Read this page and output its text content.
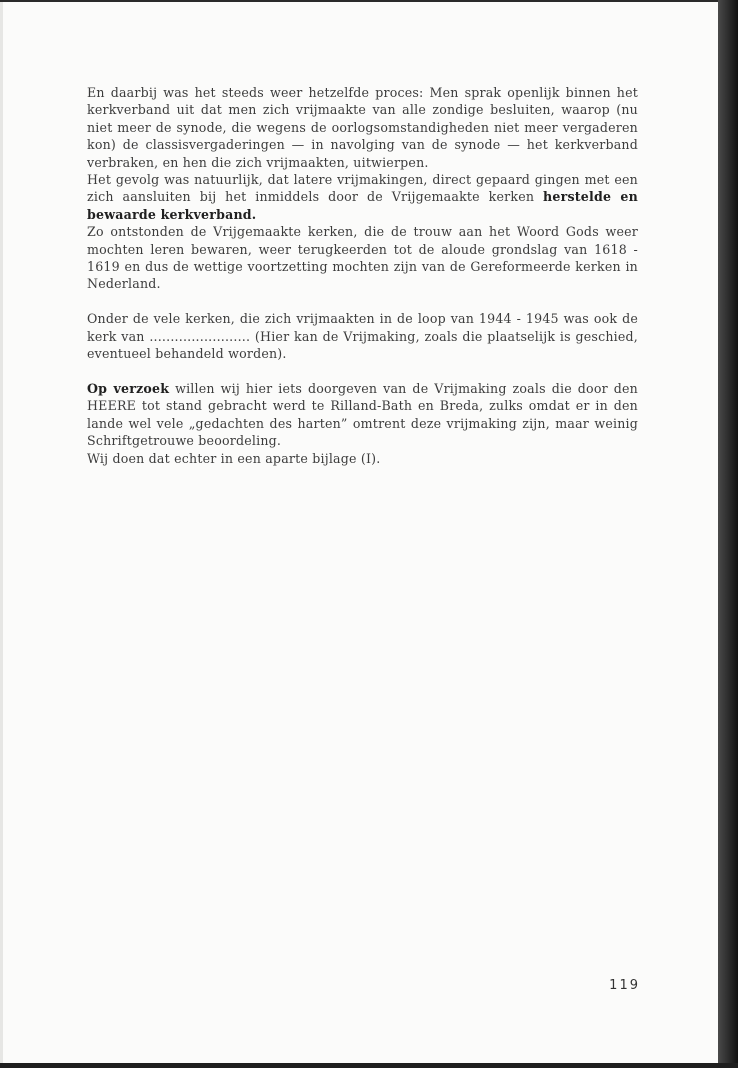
En daarbij was het steeds weer hetzelfde proces: Men sprak openlijk binnen het kerkverband uit dat men zich vrijmaakte van alle zondige besluiten, waarop (nu niet meer de synode, die wegens de oorlogsomstandigheden niet meer vergaderen kon) de classisvergaderingen — in navolging van de synode — het kerkverband verbraken, en hen die zich vrijmaakten, uitwierpen.

Het gevolg was natuurlijk, dat latere vrijmakingen, direct gepaard gingen met een zich aansluiten bij het inmiddels door de Vrijgemaakte kerken herstelde en bewaarde kerkverband.

Zo ontstonden de Vrijgemaakte kerken, die de trouw aan het Woord Gods weer mochten leren bewaren, weer terugkeerden tot de aloude grondslag van 1618 - 1619 en dus de wettige voortzetting mochten zijn van de Gereformeerde kerken in Nederland.

Onder de vele kerken, die zich vrijmaakten in de loop van 1944 - 1945 was ook de kerk van ........................ (Hier kan de Vrijmaking, zoals die plaatselijk is geschied, eventueel behandeld worden).

Op verzoek willen wij hier iets doorgeven van de Vrijmaking zoals die door den HEERE tot stand gebracht werd te Rilland-Bath en Breda, zulks omdat er in den lande wel vele „gedachten des harten” omtrent deze vrijmaking zijn, maar weinig Schriftgetrouwe beoordeling.

Wij doen dat echter in een aparte bijlage (I).

119
